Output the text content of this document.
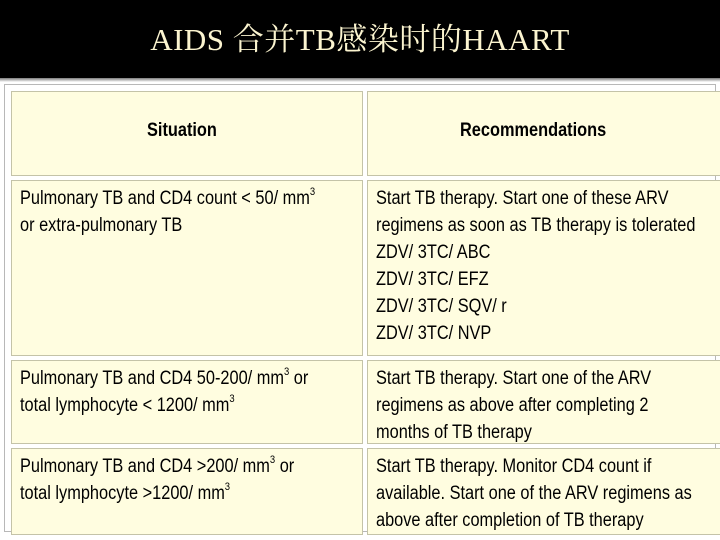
AIDS 合并TB感染时的HAART
Situation	Recommendations
Pulmonary TB and CD4 count < 50/ $mm^3$
or extra-pulmonary TB
Start TB therapy. Start one of these ARV
regimens as soon as TB therapy is tolerated
ZDV/ 3TC/ ABC
ZDV/ 3TC/ EFZ
ZDV/ 3TC/ SQV/ r
ZDV/ 3TC/ NVP
Pulmonary TB and CD4 50-200/ $mm^3$ or
total lymphocyte < 1200/ $mm^3$
Start TB therapy. Start one of the ARV
regimens as above after completing 2
months of TB therapy
Pulmonary TB and CD4 >200/ $mm^3$ or
total lymphocyte >1200/ $mm^3$
Start TB therapy. Monitor CD4 count if
available. Start one of the ARV regimens as
above after completion of TB therapy
